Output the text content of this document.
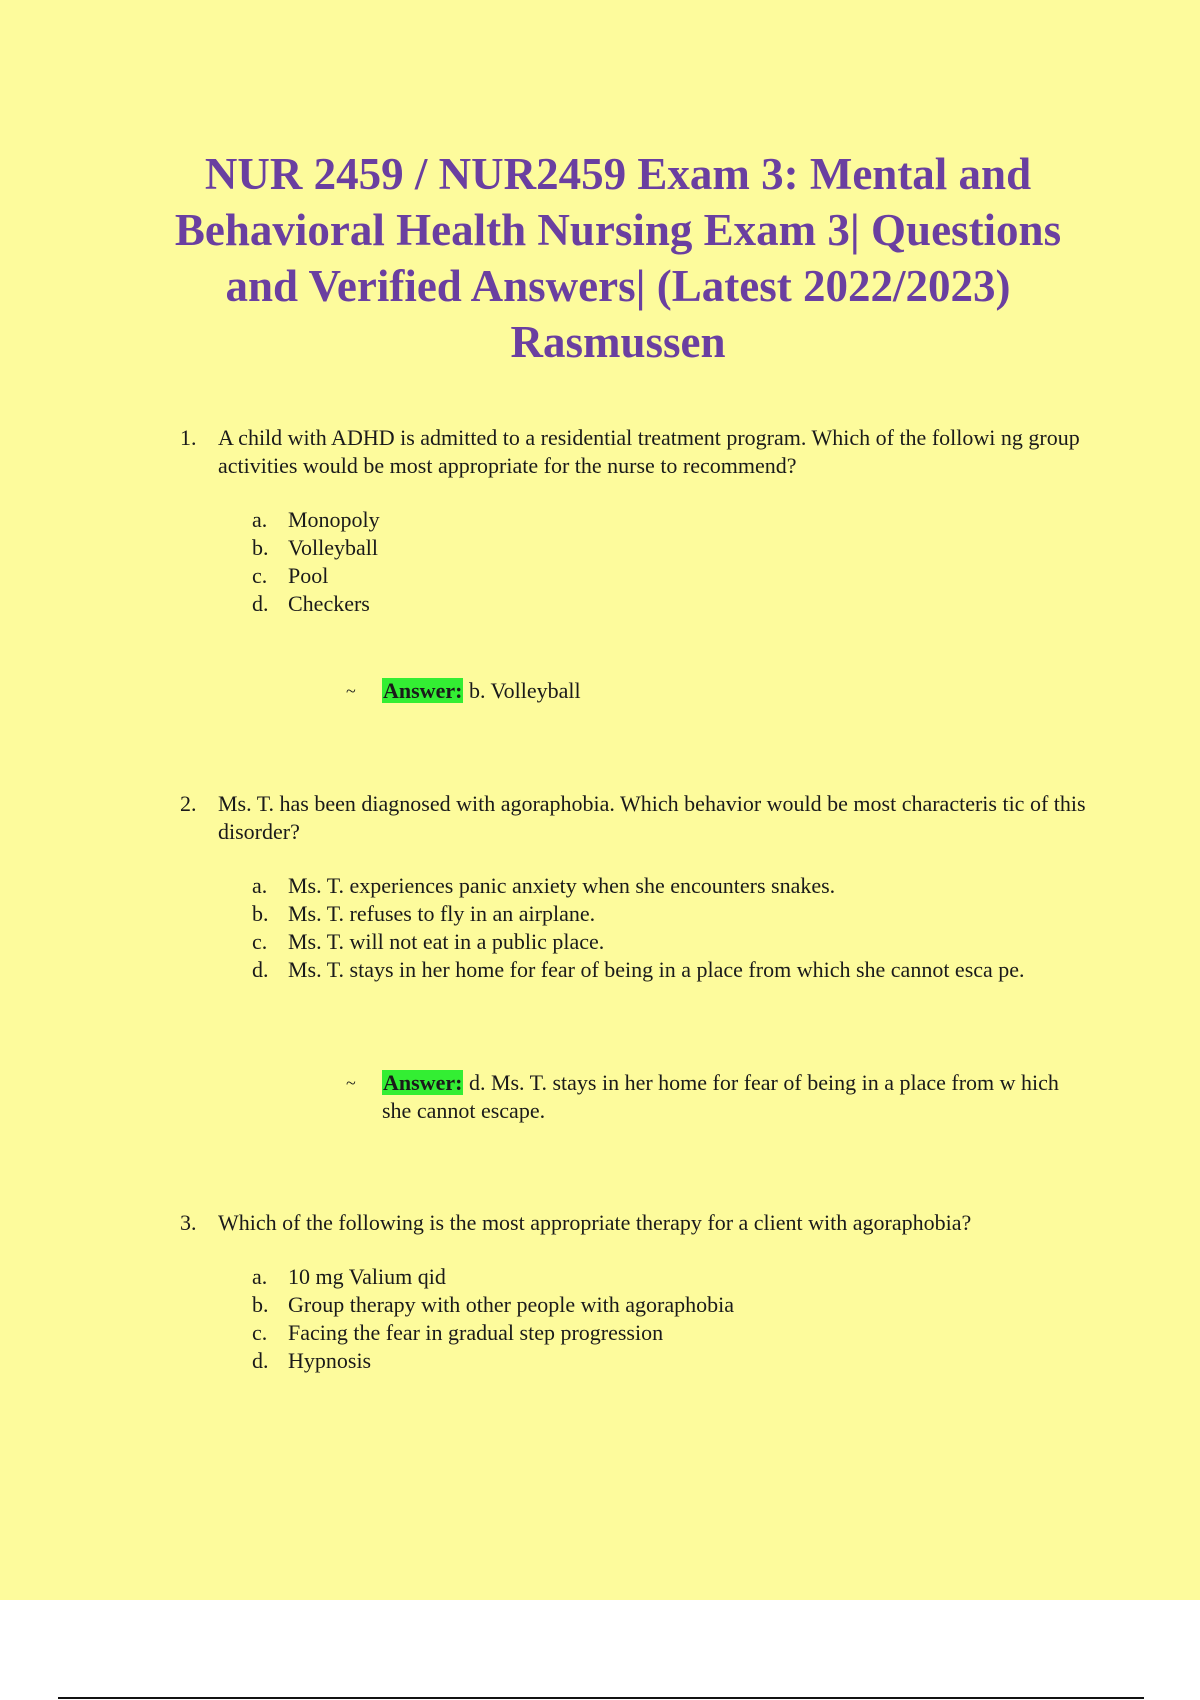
NUR 2459 / NUR2459 Exam 3: Mental and Behavioral Health Nursing Exam 3| Questions and Verified Answers| (Latest 2022/2023) Rasmussen
1. A child with ADHD is admitted to a residential treatment program. Which of the followi ng group activities would be most appropriate for the nurse to recommend?
a. Monopoly
b. Volleyball
c. Pool
d. Checkers
~	Answer: b. Volleyball
2. Ms. T. has been diagnosed with agoraphobia. Which behavior would be most characteris tic of this disorder?
a. Ms. T. experiences panic anxiety when she encounters snakes.
b. Ms. T. refuses to fly in an airplane.
c. Ms. T. will not eat in a public place.
d. Ms. T. stays in her home for fear of being in a place from which she cannot esca pe.
~	Answer: d. Ms. T. stays in her home for fear of being in a place from w hich she cannot escape.
3. Which of the following is the most appropriate therapy for a client with agoraphobia?
a. 10 mg Valium qid
b. Group therapy with other people with agoraphobia
c. Facing the fear in gradual step progression
d. Hypnosis
